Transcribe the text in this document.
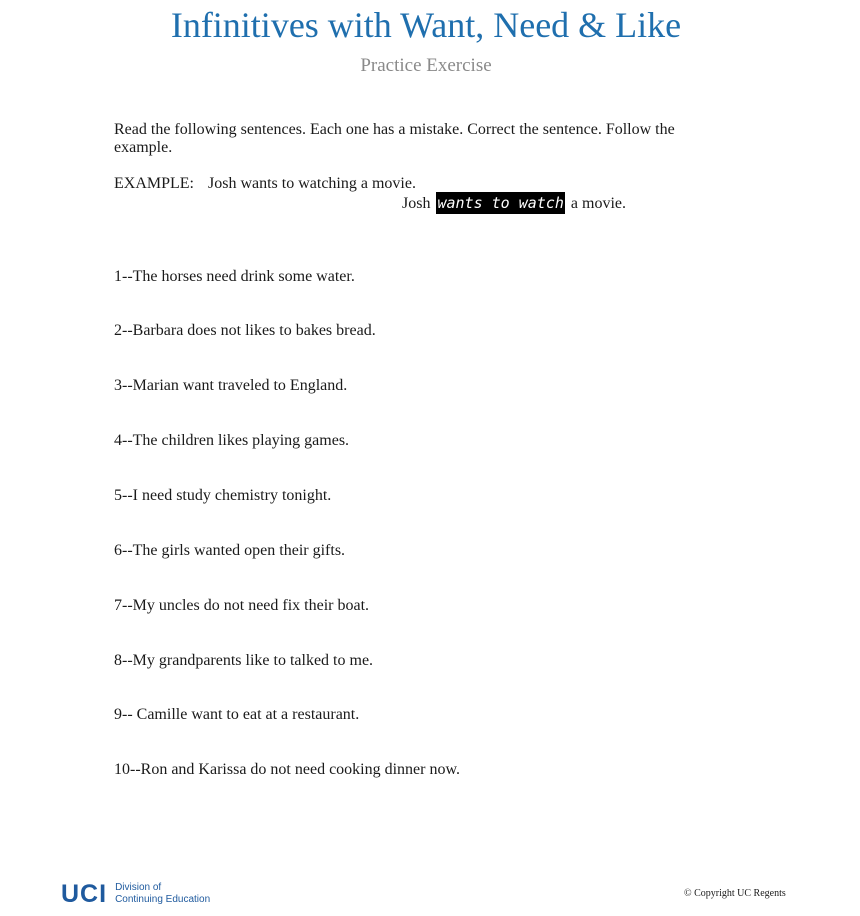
Infinitives with Want, Need & Like
Practice Exercise
Read the following sentences. Each one has a mistake. Correct the sentence. Follow the example.
EXAMPLE: Josh wants to watching a movie.
Josh wants to watch a movie.
1--The horses need drink some water.
2--Barbara does not likes to bakes bread.
3--Marian want traveled to England.
4--The children likes playing games.
5--I need study chemistry tonight.
6--The girls wanted open their gifts.
7--My uncles do not need fix their boat.
8--My grandparents like to talked to me.
9-- Camille want to eat at a restaurant.
10--Ron and Karissa do not need cooking dinner now.
UCI Division of
Continuing Education
© Copyright UC Regents
